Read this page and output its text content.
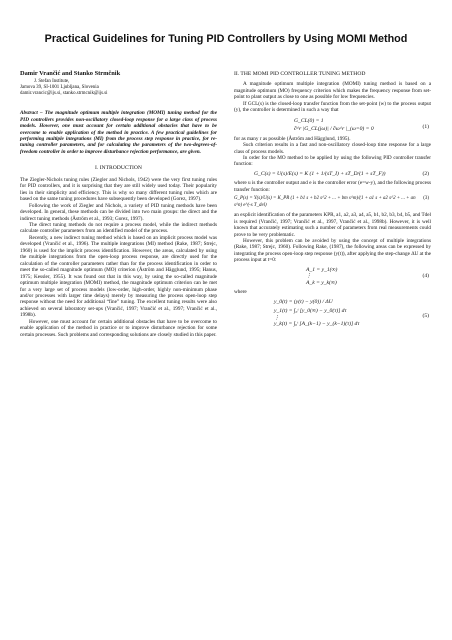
Practical Guidelines for Tuning PID Controllers by Using MOMI Method
Damir Vrančić and Stanko Strmčnik
J. Stefan Institute,
Jamova 39, SI-1001 Ljubljana, Slovenia
damir.vrancic@ijs.si, stanko.strmcnik@ijs.si
Abstract – The magnitude optimum multiple integration (MOMI) tuning method for the PID controllers provides non-oscillatory closed-loop response for a large class of process models. However, one must account for certain additional obstacles that have to be overcome to enable application of the method in practice. A few practical guidelines for performing multiple integrations (MI) from the process step response in practice, for re-tuning controller parameters, and for calculating the parameters of the two-degrees-of-freedom controller in order to improve disturbance rejection performance, are given.
I. INTRODUCTION

The Ziegler-Nichols tuning rules (Ziegler and Nichols, 1942) were the very first tuning rules for PID controllers, and it is surprising that they are still widely used today. Their popularity lies in their simplicity and efficiency. This is why so many different tuning rules which are based on the same tuning procedures have subsequently been developed (Gorez, 1997).

Following the work of Ziegler and Nichols, a variety of PID tuning methods have been developed. In general, these methods can be divided into two main groups: the direct and the indirect tuning methods (Åström et al., 1993; Gorez, 1997).

The direct tuning methods do not require a process model, while the indirect methods calculate controller parameters from an identified model of the process.

Recently, a new indirect tuning method which is based on an implicit process model was developed (Vrančić et al., 1996). The multiple integrations (MI) method (Rake, 1987; Strejc, 1960) is used for the implicit process identification. However, the areas, calculated by using the multiple integrations from the open-loop process response, are directly used for the calculation of the controller parameters rather than for the process identification in order to meet the so-called magnitude optimum (MO) criterion (Åström and Hägglund, 1995; Hanus, 1975; Kessler, 1955). It was found out that in this way, by using the so-called magnitude optimum multiple integration (MOMI) method, the magnitude optimum criterion can be met for a very large set of process models (low-order, high-order, highly non-minimum phase and/or processes with larger time delays) merely by measuring the process open-loop step response without the need for additional “fine” tuning. The excellent tuning results were also achieved on several laboratory set-ups (Vrančić, 1997; Vrančić et al., 1997; Vrančić et al., 1998b).

However, one must account for certain additional obstacles that have to be overcome to enable application of the method in practice or to improve disturbance rejection for some certain processes. Such problems and corresponding solutions are closely studied in this paper.

II. THE MOMI PID CONTROLLER TUNING METHOD

A magnitude optimum multiple integration (MOMI) tuning method is based on a magnitude optimum (MO) frequency criterion which makes the frequency response from set-point to plant output as close to one as possible for low frequencies.

If GCL(s) is the closed-loop transfer function from the set-point (w) to the process output (y), the controller is determined in such a way that

G_CL(0) = 1
∂^r |G_CL(jω)| / ∂ω^r |_(ω=0) = 0	(1)

for as many r as possible (Åström and Hägglund, 1995).

Such criterion results in a fast and non-oscillatory closed-loop time response for a large class of process models.

In order for the MO method to be applied by using the following PID controller transfer function:

G_C(s) = U(s)/E(s) = K (1 + 1/(sT_I) + sT_D/(1 + sT_F))	(2)

where u is the controller output and e is the controller error (e=w-y), and the following process transfer function:

G_P(s) = Y(s)/U(s) = K_PR (1 + b1 s + b2 s^2 + ... + bm s^m)/(1 + a1 s + a2 s^2 + ... + an s^n) e^(-s T_del)
(3)

an explicit identification of the parameters KPR, a1, a2, a3, a4, a5, b1, b2, b3, b4, b5, and Tdel is required (Vrančić, 1997; Vrančić et al., 1997, Vrančić et al., 1998b). However, it is well known that accurately estimating such a number of parameters from real measurements could prove to be very problematic.

However, this problem can be avoided by using the concept of multiple integrations (Rake, 1987; Strejc, 1960). Following Rake, (1987), the following areas can be expressed by integrating the process open-loop step response (y(t)), after applying the step-change ΔU at the process input at t=0:

A_1 = y_1(∞)
⋮
A_k = y_k(∞)
(4)

where

y_0(t) = (y(t) − y(0)) / ΔU
y_1(t) = ∫₀ᵗ [y_0(∞) − y_0(τ)] dτ
⋮
y_k(t) = ∫₀ᵗ [A_(k−1) − y_(k−1)(τ)] dτ
(5)
